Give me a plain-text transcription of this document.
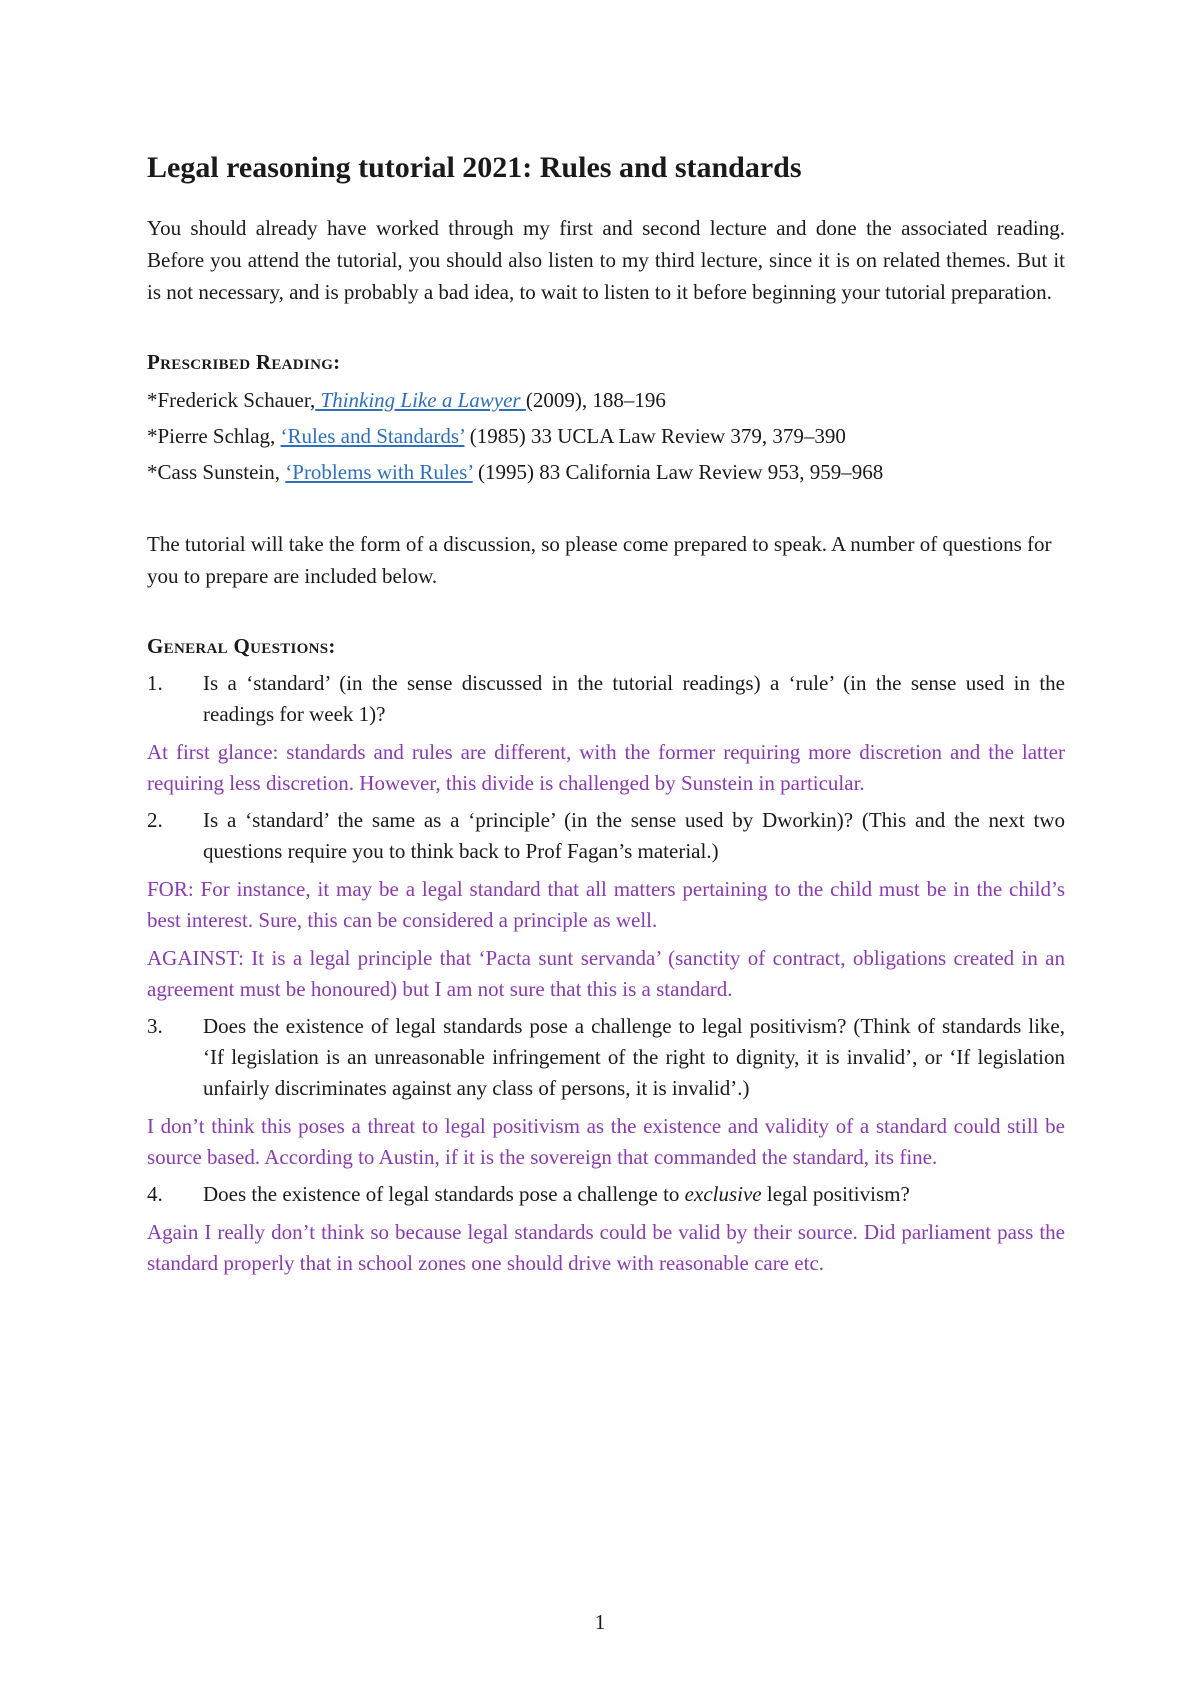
Legal reasoning tutorial 2021: Rules and standards

You should already have worked through my first and second lecture and done the associated reading. Before you attend the tutorial, you should also listen to my third lecture, since it is on related themes. But it is not necessary, and is probably a bad idea, to wait to listen to it before beginning your tutorial preparation.

Prescribed Reading:
*Frederick Schauer, Thinking Like a Lawyer (2009), 188–196
*Pierre Schlag, ‘Rules and Standards’ (1985) 33 UCLA Law Review 379, 379–390
*Cass Sunstein, ‘Problems with Rules’ (1995) 83 California Law Review 953, 959–968

The tutorial will take the form of a discussion, so please come prepared to speak. A number of questions for you to prepare are included below.

General Questions:
1.	Is a ‘standard’ (in the sense discussed in the tutorial readings) a ‘rule’ (in the sense used in the readings for week 1)?

At first glance: standards and rules are different, with the former requiring more discretion and the latter requiring less discretion. However, this divide is challenged by Sunstein in particular.

2.	Is a ‘standard’ the same as a ‘principle’ (in the sense used by Dworkin)? (This and the next two questions require you to think back to Prof Fagan’s material.)

FOR: For instance, it may be a legal standard that all matters pertaining to the child must be in the child’s best interest. Sure, this can be considered a principle as well.

AGAINST: It is a legal principle that ‘Pacta sunt servanda’ (sanctity of contract, obligations created in an agreement must be honoured) but I am not sure that this is a standard.

3.	Does the existence of legal standards pose a challenge to legal positivism? (Think of standards like, ‘If legislation is an unreasonable infringement of the right to dignity, it is invalid’, or ‘If legislation unfairly discriminates against any class of persons, it is invalid’.)

I don’t think this poses a threat to legal positivism as the existence and validity of a standard could still be source based. According to Austin, if it is the sovereign that commanded the standard, its fine.

4.	Does the existence of legal standards pose a challenge to exclusive legal positivism?

Again I really don’t think so because legal standards could be valid by their source. Did parliament pass the standard properly that in school zones one should drive with reasonable care etc.

1
